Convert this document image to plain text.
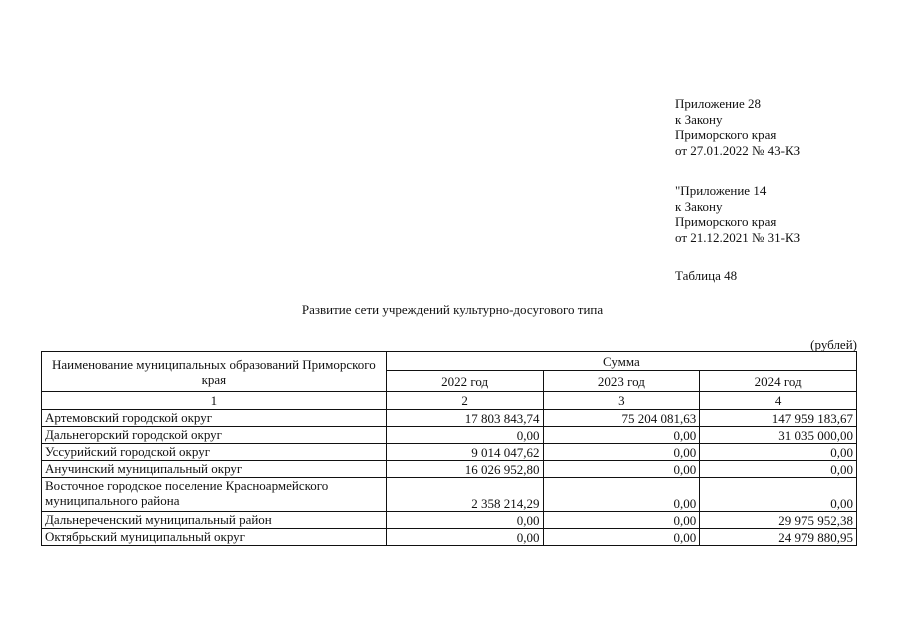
Приложение 28
к Закону
Приморского края
от 27.01.2022 № 43-КЗ
"Приложение 14
к Закону
Приморского края
от 21.12.2021 № 31-КЗ
Таблица 48
Развитие сети учреждений культурно-досугового типа
(рублей)
Наименование муниципальных образований Приморского края	Сумма		
	2022 год	2023 год	2024 год
1	2	3	4
Артемовский городской округ	17 803 843,74	75 204 081,63	147 959 183,67
Дальнегорский городской округ	0,00	0,00	31 035 000,00
Уссурийский городской округ	9 014 047,62	0,00	0,00
Анучинский муниципальный округ	16 026 952,80	0,00	0,00
Восточное городское поселение Красноармейского муниципального района	2 358 214,29	0,00	0,00
Дальнереченский муниципальный район	0,00	0,00	29 975 952,38
Октябрьский муниципальный округ	0,00	0,00	24 979 880,95
